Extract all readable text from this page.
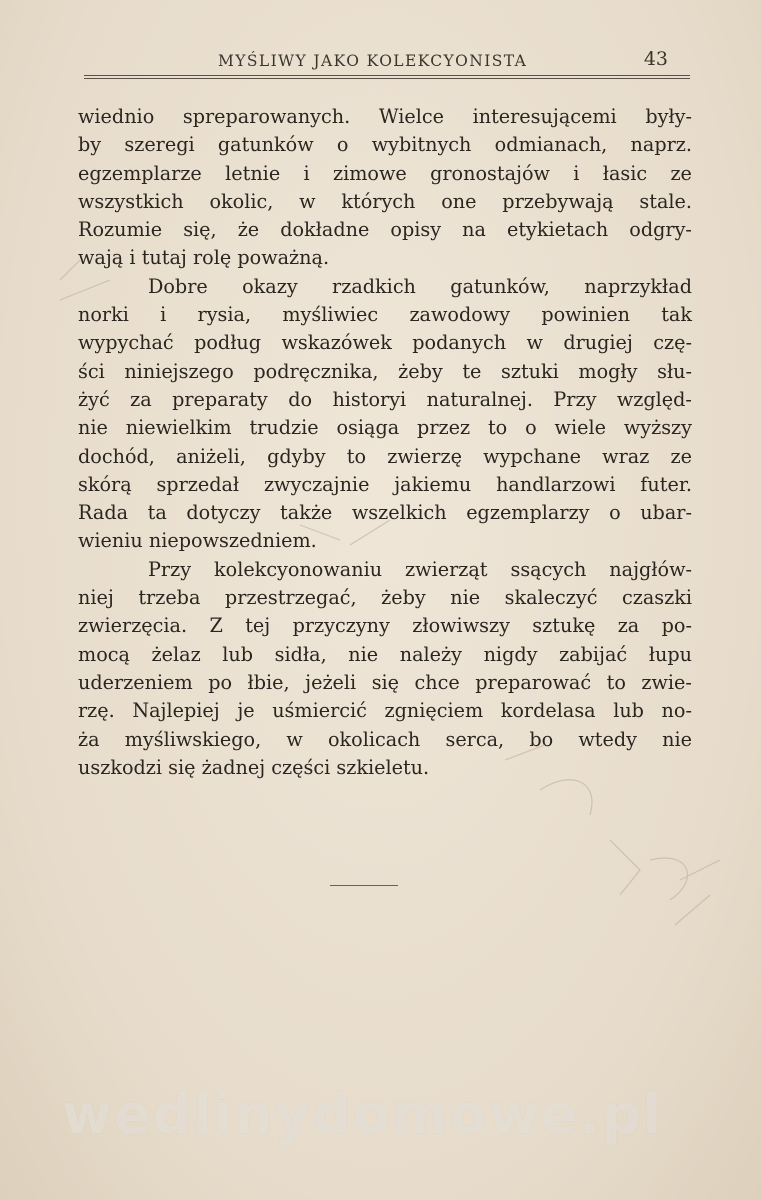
MYŚLIWY JAKO KOLEKCYONISTA	43
wiednio spreparowanych. Wielce interesującemi były-
by szeregi gatunków o wybitnych odmianach, naprz.
egzemplarze letnie i zimowe gronostajów i łasic ze
wszystkich okolic, w których one przebywają stale.
Rozumie się, że dokładne opisy na etykietach odgry-
wają i tutaj rolę poważną.
Dobre okazy rzadkich gatunków, naprzykład
norki i rysia, myśliwiec zawodowy powinien tak
wypychać podług wskazówek podanych w drugiej czę-
ści niniejszego podręcznika, żeby te sztuki mogły słu-
żyć za preparaty do historyi naturalnej. Przy względ-
nie niewielkim trudzie osiąga przez to o wiele wyższy
dochód, aniżeli, gdyby to zwierzę wypchane wraz ze
skórą sprzedał zwyczajnie jakiemu handlarzowi futer.
Rada ta dotyczy także wszelkich egzemplarzy o ubar-
wieniu niepowszedniem.
Przy kolekcyonowaniu zwierząt ssących najgłów-
niej trzeba przestrzegać, żeby nie skaleczyć czaszki
zwierzęcia. Z tej przyczyny złowiwszy sztukę za po-
mocą żelaz lub sidła, nie należy nigdy zabijać łupu
uderzeniem po łbie, jeżeli się chce preparować to zwie-
rzę. Najlepiej je uśmiercić zgnięciem kordelasa lub no-
ża myśliwskiego, w okolicach serca, bo wtedy nie
uszkodzi się żadnej części szkieletu.
wedlinydomowe.pl
